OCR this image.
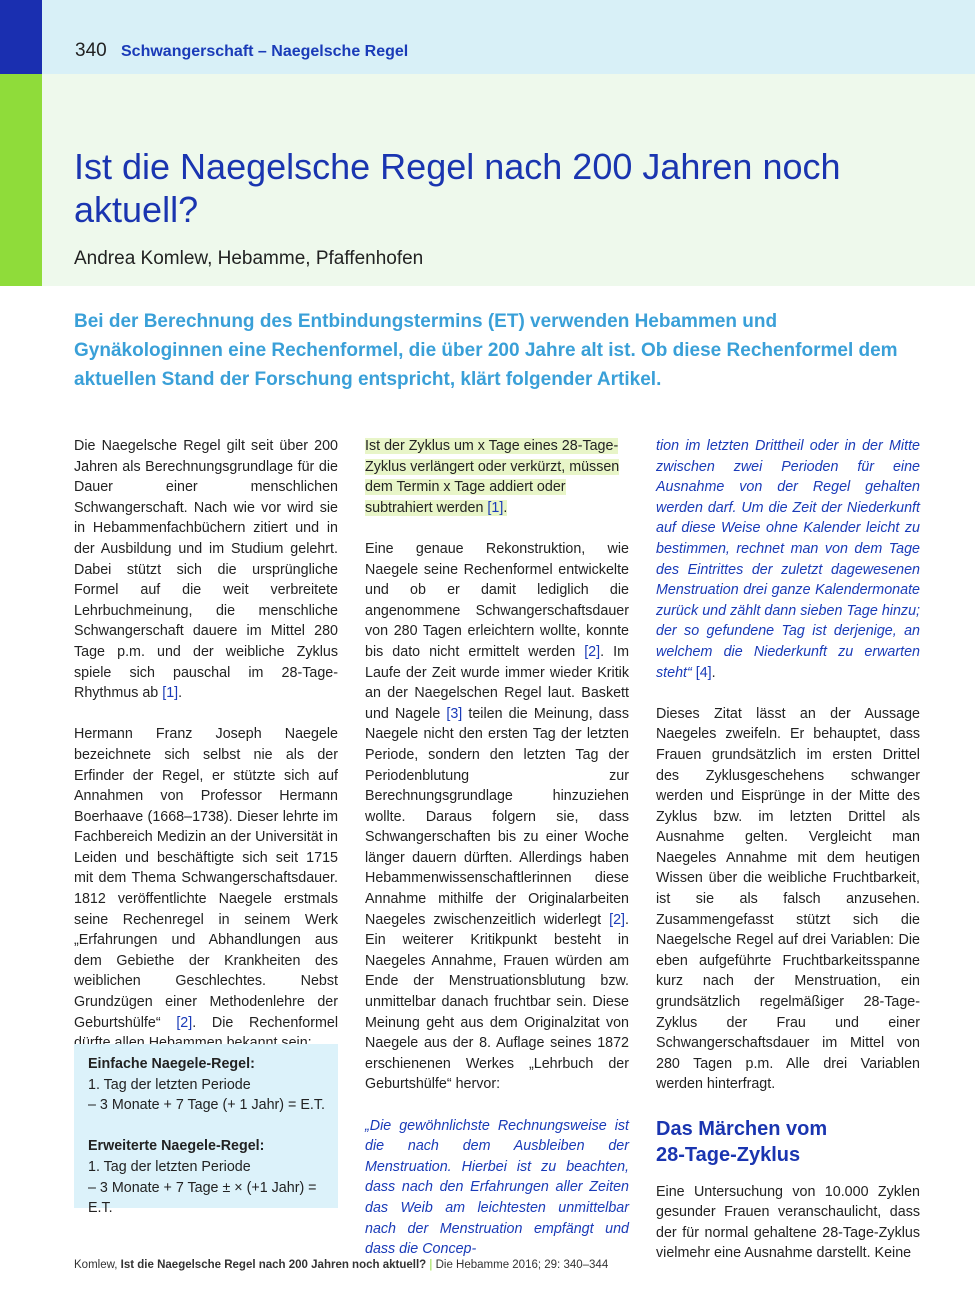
340 Schwangerschaft – Naegelsche Regel
Ist die Naegelsche Regel nach 200 Jahren noch aktuell?
Andrea Komlew, Hebamme, Pfaffenhofen
Bei der Berechnung des Entbindungstermins (ET) verwenden Hebammen und Gynäkologinnen eine Rechenformel, die über 200 Jahre alt ist. Ob diese Rechenformel dem aktuellen Stand der Forschung entspricht, klärt folgender Artikel.

Die Naegelsche Regel gilt seit über 200 Jahren als Berechnungsgrundlage für die Dauer einer menschlichen Schwangerschaft. Nach wie vor wird sie in Hebammenfachbüchern zitiert und in der Ausbildung und im Studium gelehrt. Dabei stützt sich die ursprüngliche Formel auf die weit verbreitete Lehrbuchmeinung, die menschliche Schwangerschaft dauere im Mittel 280 Tage p.m. und der weibliche Zyklus spiele sich pauschal im 28-Tage-Rhythmus ab [1].

Hermann Franz Joseph Naegele bezeichnete sich selbst nie als der Erfinder der Regel, er stützte sich auf Annahmen von Professor Hermann Boerhaave (1668–1738). Dieser lehrte im Fachbereich Medizin an der Universität in Leiden und beschäftigte sich seit 1715 mit dem Thema Schwangerschaftsdauer. 1812 veröffentlichte Naegele erstmals seine Rechenregel in seinem Werk „Erfahrungen und Abhandlungen aus dem Gebiethe der Krankheiten des weiblichen Geschlechtes. Nebst Grundzügen einer Methodenlehre der Geburtshülfe“ [2]. Die Rechenformel

Einfache Naegele-Regel:
1. Tag der letzten Periode
– 3 Monate + 7 Tage (+ 1 Jahr) = E.T.
Erweiterte Naegele-Regel:
1. Tag der letzten Periode
– 3 Monate + 7 Tage ± × (+1 Jahr) = E.T.

Ist der Zyklus um x Tage eines 28-Tage-Zyklus verlängert oder verkürzt, müssen dem Termin x Tage addiert oder subtrahiert werden [1].

Eine genaue Rekonstruktion, wie Naegele seine Rechenformel entwickelte und ob er damit lediglich die angenommene Schwangerschaftsdauer von 280 Tagen erleichtern wollte, konnte bis dato nicht ermittelt werden [2]. Im Laufe der Zeit wurde immer wieder Kritik an der Naegelschen Regel laut. Baskett und Nagele [3] teilen die Meinung, dass Naegele nicht den ersten Tag der letzten Periode, sondern den letzten Tag der Periodenblutung zur Berechnungsgrundlage hinzuziehen wollte. Daraus folgern sie, dass Schwangerschaften bis zu einer Woche länger dauern dürften. Allerdings haben Hebammenwissenschaftlerinnen diese Annahme mithilfe der Originalarbeiten Naegeles zwischenzeitlich widerlegt [2]. Ein weiterer Kritikpunkt besteht in Naegeles Annahme, Frauen würden am Ende der Menstruationsblutung bzw. unmittelbar danach fruchtbar sein. Diese Meinung geht aus dem Originalzitat von Naegele aus der 8. Auflage seines 1872 erschienenen Werkes „Lehrbuch der Geburtshülfe“ hervor:

„Die gewöhnlichste Rechnungsweise ist die nach dem Ausbleiben der Menstruation. Hierbei ist zu beachten, dass nach den Erfahrungen aller Zeiten das Weib am leichtesten unmittelbar nach der Menstruation empfängt und dass die Concep-

tion im letzten Drittheil oder in der Mitte zwischen zwei Perioden für eine Ausnahme von der Regel gehalten werden darf. Um die Zeit der Niederkunft auf diese Weise ohne Kalender leicht zu bestimmen, rechnet man von dem Tage des Eintrittes der zuletzt dagewesenen Menstruation drei ganze Kalendermonate zurück und zählt dann sieben Tage hinzu; der so gefundene Tag ist derjenige, an welchem die Niederkunft zu erwarten steht“ [4].

Dieses Zitat lässt an der Aussage Naegeles zweifeln. Er behauptet, dass Frauen grundsätzlich im ersten Drittel des Zyklusgeschehens schwanger werden und Eisprünge in der Mitte des Zyklus bzw. im letzten Drittel als Ausnahme gelten. Vergleicht man Naegeles Annahme mit dem heutigen Wissen über die weibliche Fruchtbarkeit, ist sie als falsch anzusehen. Zusammengefasst stützt sich die Naegelsche Regel auf drei Variablen: Die eben aufgeführte Fruchtbarkeitsspanne kurz nach der Menstruation, ein grundsätzlich regelmäßiger 28-Tage-Zyklus der Frau und einer Schwangerschaftsdauer im Mittel von 280 Tagen p.m. Alle drei Variablen werden hinterfragt.

Das Märchen vom
28-Tage-Zyklus

Eine Untersuchung von 10.000 Zyklen gesunder Frauen veranschaulicht, dass der für normal gehaltene 28-Tage-Zyklus vielmehr eine Ausnahme darstellt. Keine

Komlew, Ist die Naegelsche Regel nach 200 Jahren noch aktuell? | Die Hebamme 2016; 29: 340–344
